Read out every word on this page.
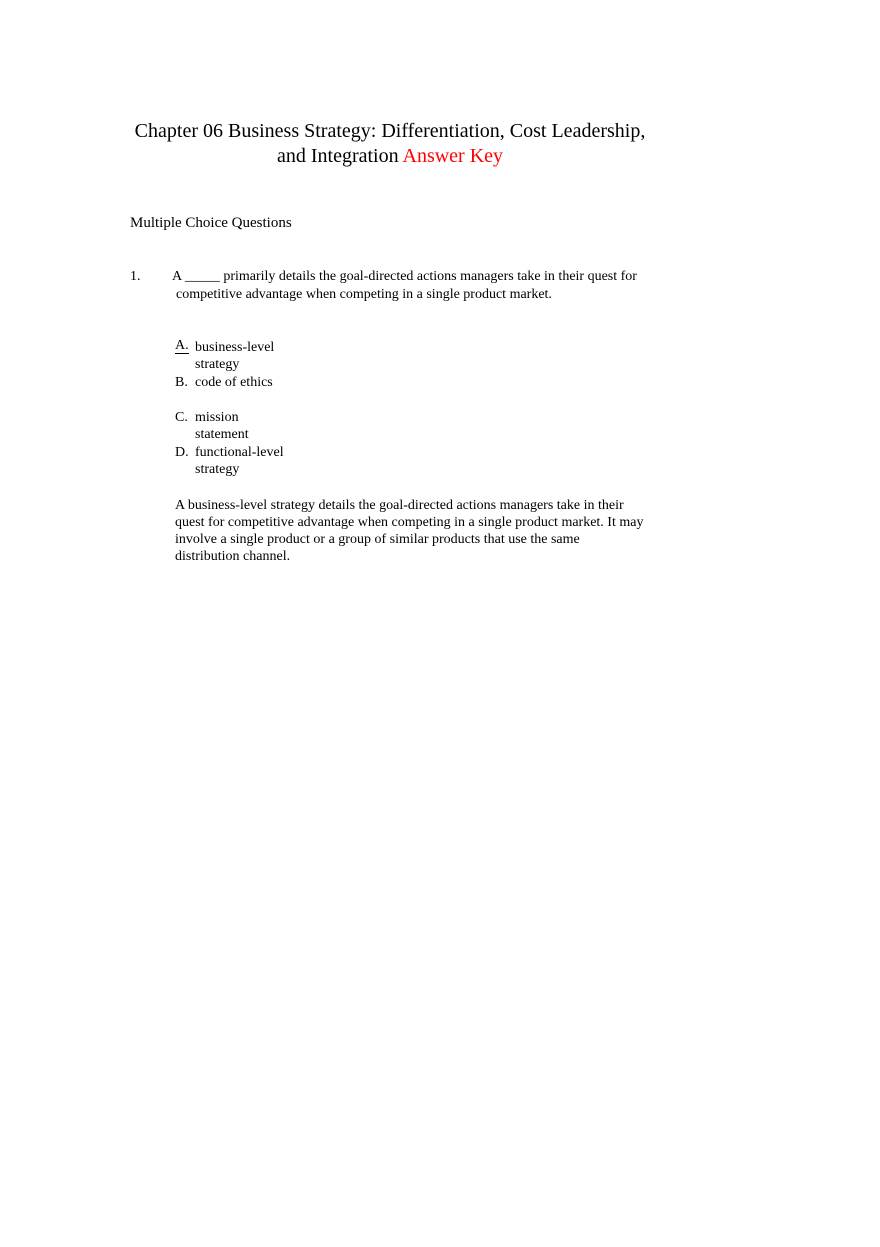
Chapter 06 Business Strategy: Differentiation, Cost Leadership, and Integration Answer Key
Multiple Choice Questions
1. A _____ primarily details the goal-directed actions managers take in their quest for competitive advantage when competing in a single product market.
A. business-level strategy
B. code of ethics
C. mission statement
D. functional-level strategy
A business-level strategy details the goal-directed actions managers take in their quest for competitive advantage when competing in a single product market. It may involve a single product or a group of similar products that use the same distribution channel.
